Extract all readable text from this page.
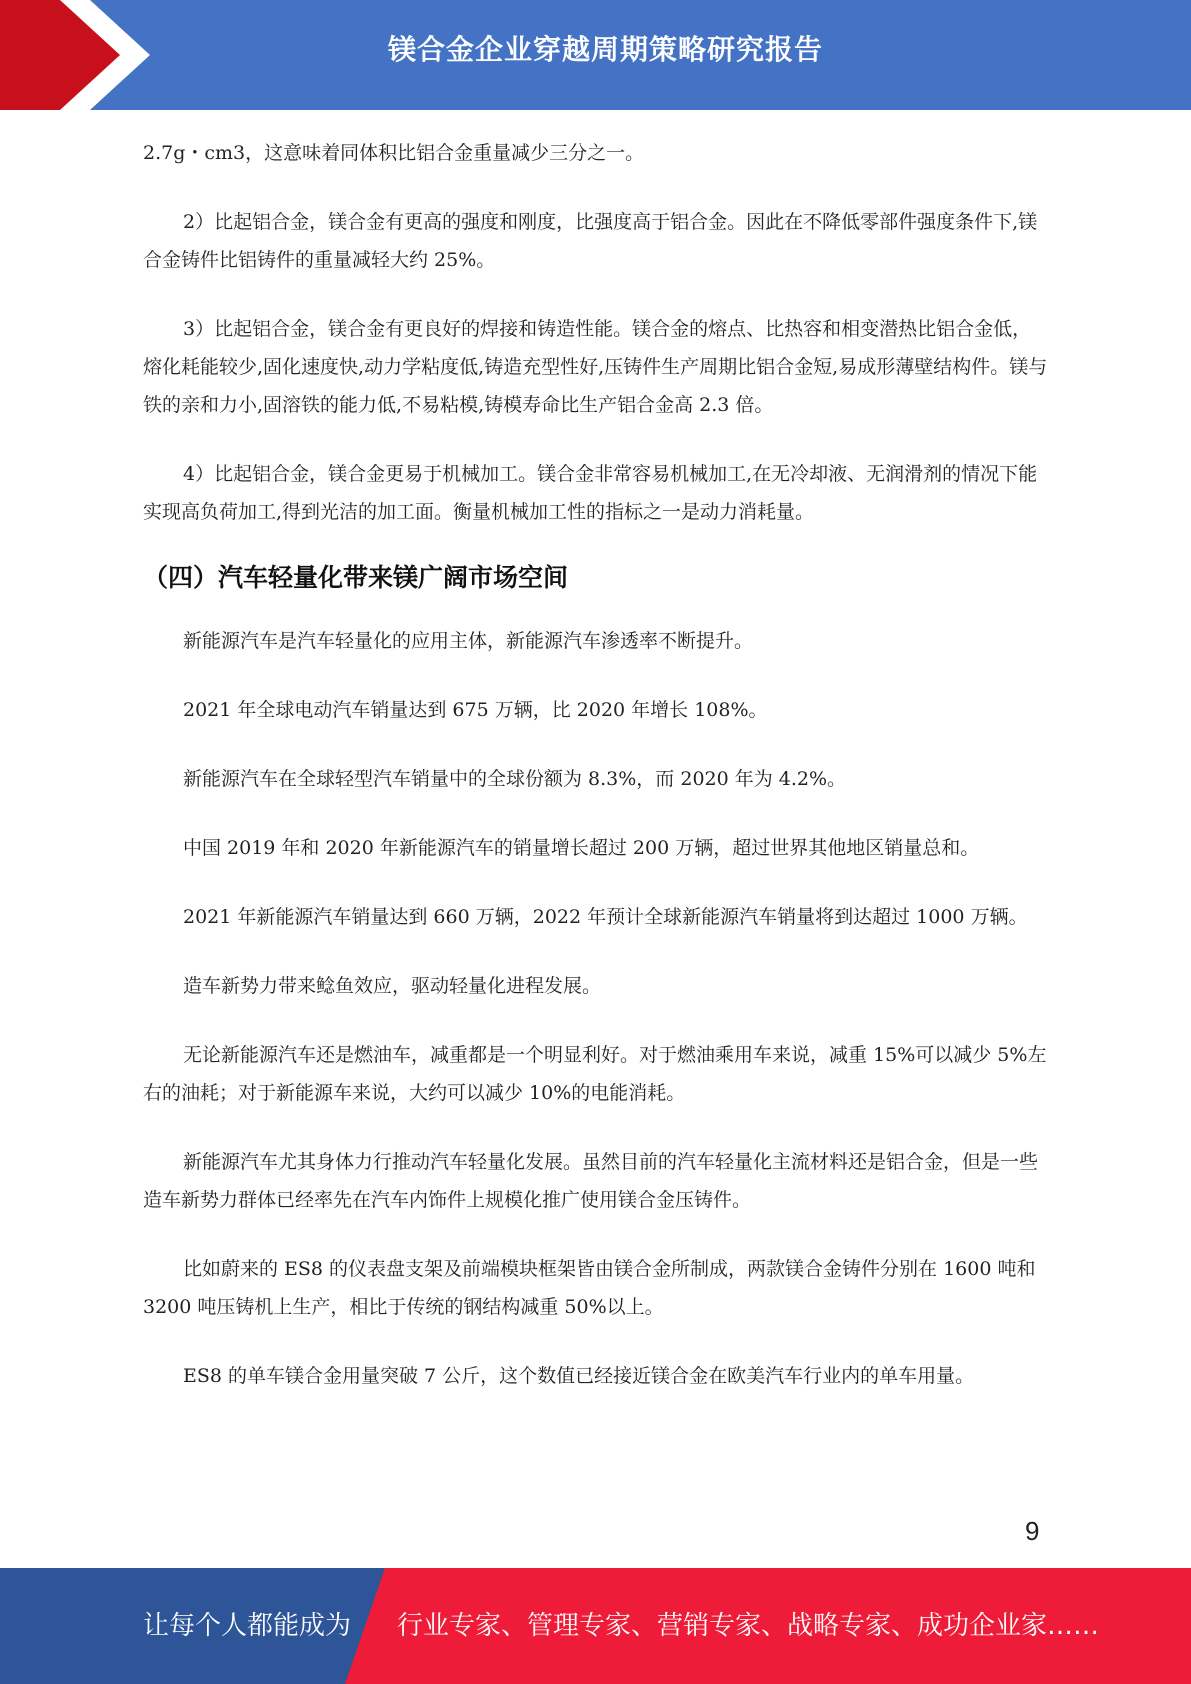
镁合金企业穿越周期策略研究报告

2.7g・cm3，这意味着同体积比铝合金重量减少三分之一。

2）比起铝合金，镁合金有更高的强度和刚度，比强度高于铝合金。因此在不降低零部件强度条件下,镁合金铸件比铝铸件的重量减轻大约 25%。

3）比起铝合金，镁合金有更良好的焊接和铸造性能。镁合金的熔点、比热容和相变潜热比铝合金低，熔化耗能较少,固化速度快,动力学粘度低,铸造充型性好,压铸件生产周期比铝合金短,易成形薄壁结构件。镁与铁的亲和力小,固溶铁的能力低,不易粘模,铸模寿命比生产铝合金高 2.3 倍。

4）比起铝合金，镁合金更易于机械加工。镁合金非常容易机械加工,在无冷却液、无润滑剂的情况下能实现高负荷加工,得到光洁的加工面。衡量机械加工性的指标之一是动力消耗量。

（四）汽车轻量化带来镁广阔市场空间

新能源汽车是汽车轻量化的应用主体，新能源汽车渗透率不断提升。

2021 年全球电动汽车销量达到 675 万辆，比 2020 年增长 108%。

新能源汽车在全球轻型汽车销量中的全球份额为 8.3%，而 2020 年为 4.2%。

中国 2019 年和 2020 年新能源汽车的销量增长超过 200 万辆，超过世界其他地区销量总和。

2021 年新能源汽车销量达到 660 万辆，2022 年预计全球新能源汽车销量将到达超过 1000 万辆。

造车新势力带来鲶鱼效应，驱动轻量化进程发展。

无论新能源汽车还是燃油车，减重都是一个明显利好。对于燃油乘用车来说，减重 15%可以减少 5%左右的油耗；对于新能源车来说，大约可以减少 10%的电能消耗。

新能源汽车尤其身体力行推动汽车轻量化发展。虽然目前的汽车轻量化主流材料还是铝合金，但是一些造车新势力群体已经率先在汽车内饰件上规模化推广使用镁合金压铸件。

比如蔚来的 ES8 的仪表盘支架及前端模块框架皆由镁合金所制成，两款镁合金铸件分别在 1600 吨和 3200 吨压铸机上生产，相比于传统的钢结构减重 50%以上。

ES8 的单车镁合金用量突破 7 公斤，这个数值已经接近镁合金在欧美汽车行业内的单车用量。

9
让每个人都能成为 行业专家、管理专家、营销专家、战略专家、成功企业家……
